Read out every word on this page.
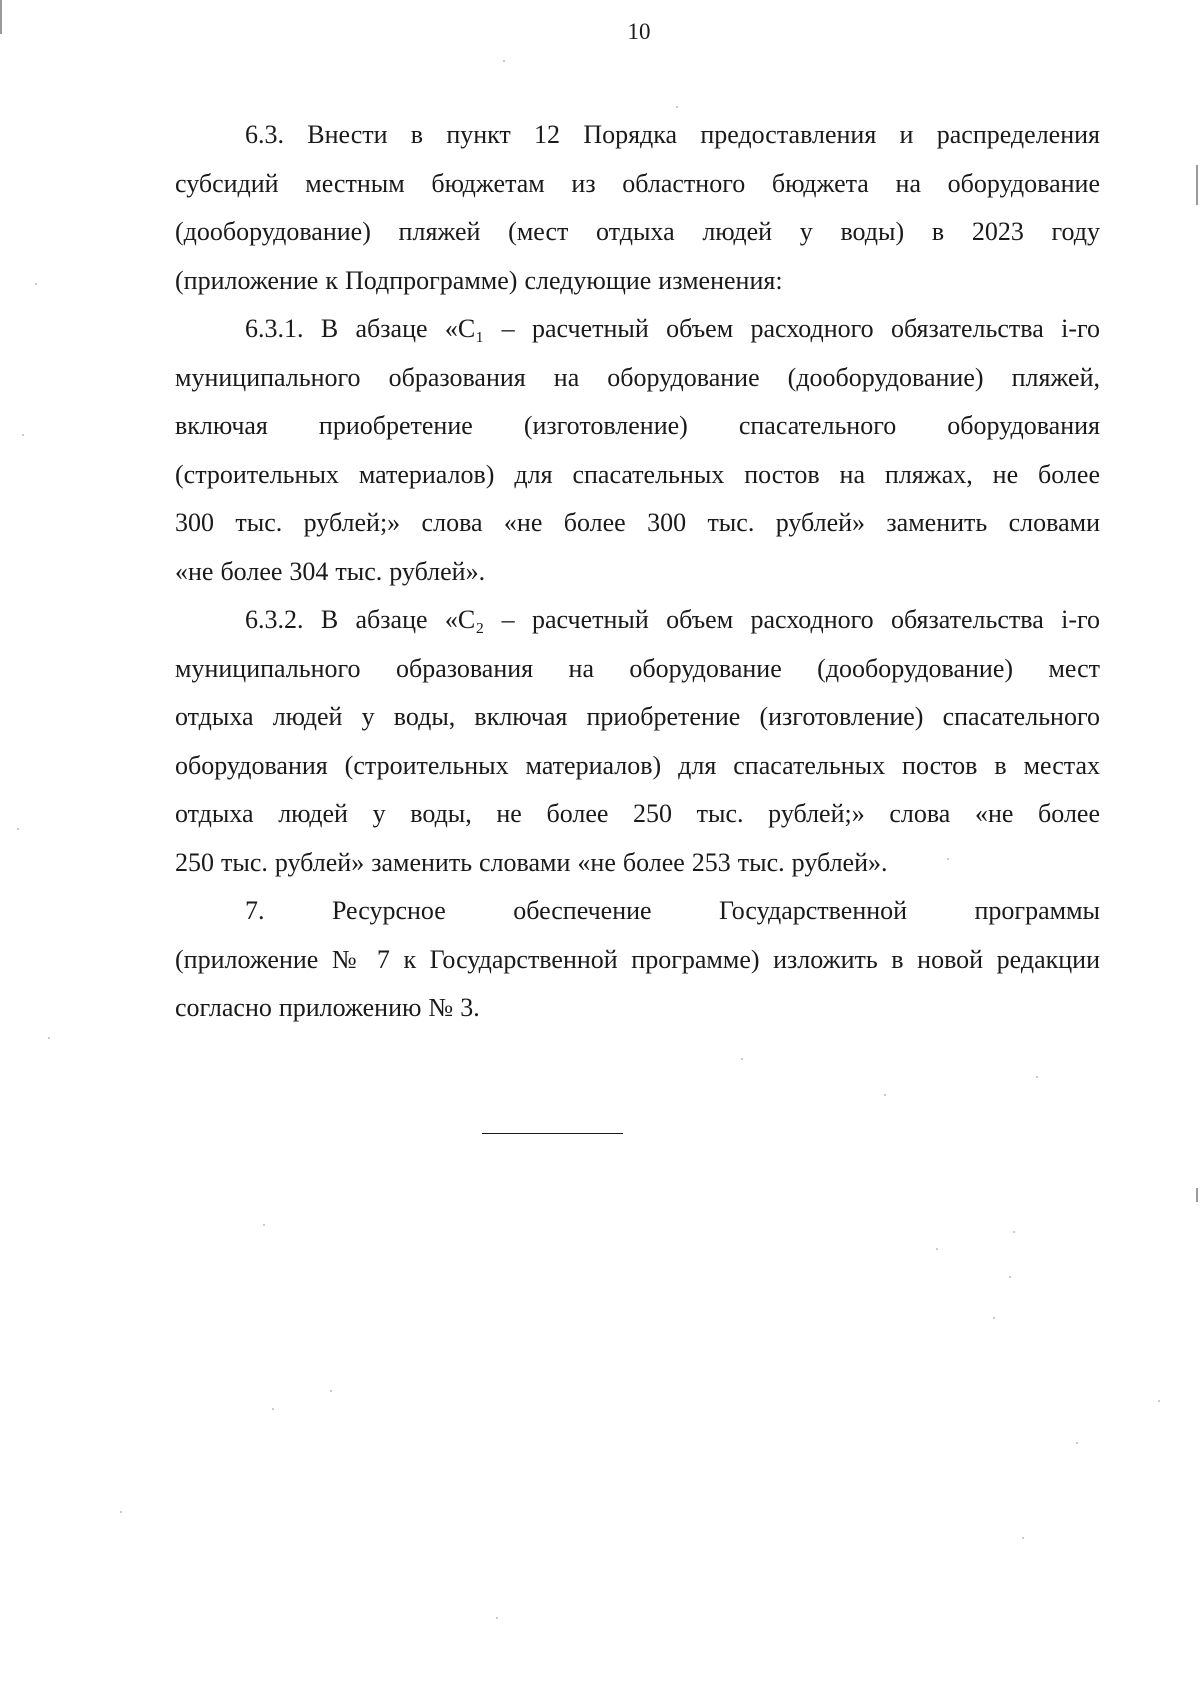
10
6.3. Внести в пункт 12 Порядка предоставления и распределения
субсидий местным бюджетам из областного бюджета на оборудование
(дооборудование) пляжей (мест отдыха людей у воды) в 2023 году
(приложение к Подпрограмме) следующие изменения:
6.3.1. В абзаце «С₁ – расчетный объем расходного обязательства i-го
муниципального образования на оборудование (дооборудование) пляжей,
включая приобретение (изготовление) спасательного оборудования
(строительных материалов) для спасательных постов на пляжах, не более
300 тыс. рублей;» слова «не более 300 тыс. рублей» заменить словами
«не более 304 тыс. рублей».
6.3.2. В абзаце «С₂ – расчетный объем расходного обязательства i-го
муниципального образования на оборудование (дооборудование) мест
отдыха людей у воды, включая приобретение (изготовление) спасательного
оборудования (строительных материалов) для спасательных постов в местах
отдыха людей у воды, не более 250 тыс. рублей;» слова «не более
250 тыс. рублей» заменить словами «не более 253 тыс. рублей».
7. Ресурсное обеспечение Государственной программы
(приложение № 7 к Государственной программе) изложить в новой редакции
согласно приложению № 3.
